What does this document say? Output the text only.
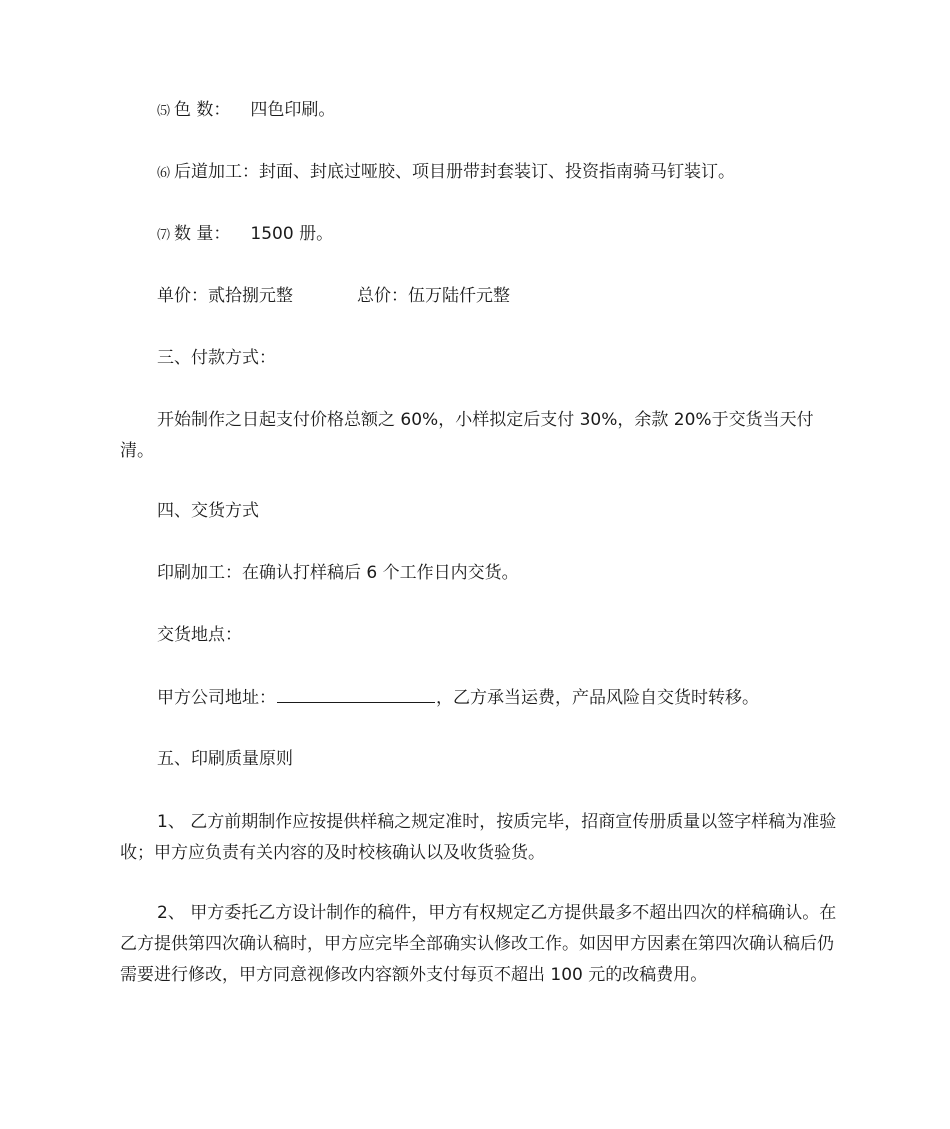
⑸ 色 数： 四色印刷。
⑹ 后道加工：封面、封底过哑胶、项目册带封套装订、投资指南骑马钉装订。
⑺ 数 量： 1500 册。
单价：贰拾捌元整	总价：伍万陆仟元整
三、付款方式：
开始制作之日起支付价格总额之 60%，小样拟定后支付 30%，余款 20%于交货当天付清。
四、交货方式
印刷加工：在确认打样稿后 6 个工作日内交货。
交货地点：
甲方公司地址：	，乙方承当运费，产品风险自交货时转移。
五、印刷质量原则
1、 乙方前期制作应按提供样稿之规定准时，按质完毕，招商宣传册质量以签字样稿为准验收；甲方应负责有关内容的及时校核确认以及收货验货。
2、 甲方委托乙方设计制作的稿件，甲方有权规定乙方提供最多不超出四次的样稿确认。在乙方提供第四次确认稿时，甲方应完毕全部确实认修改工作。如因甲方因素在第四次确认稿后仍需要进行修改，甲方同意视修改内容额外支付每页不超出 100 元的改稿费用。
